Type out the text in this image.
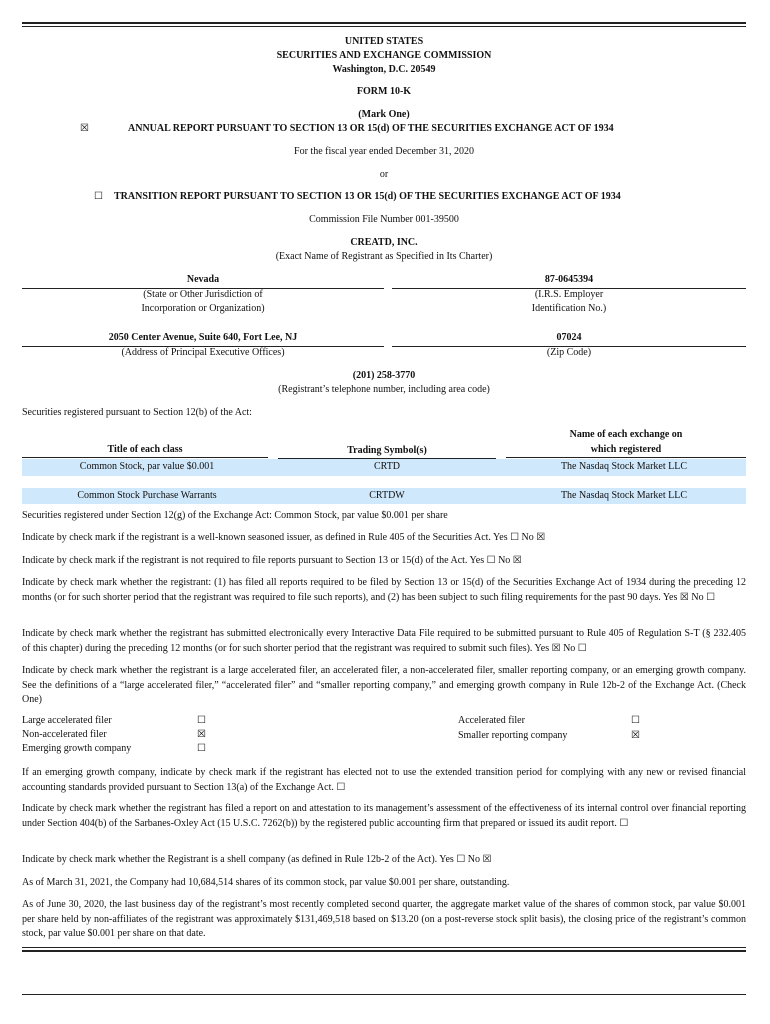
UNITED STATES
SECURITIES AND EXCHANGE COMMISSION
Washington, D.C. 20549
FORM 10-K
(Mark One)
☒	ANNUAL REPORT PURSUANT TO SECTION 13 OR 15(d) OF THE SECURITIES EXCHANGE ACT OF 1934
For the fiscal year ended December 31, 2020
or
☐ TRANSITION REPORT PURSUANT TO SECTION 13 OR 15(d) OF THE SECURITIES EXCHANGE ACT OF 1934
Commission File Number 001-39500
CREATD, INC.
(Exact Name of Registrant as Specified in Its Charter)
Nevada	87-0645394
(State or Other Jurisdiction of
Incorporation or Organization)
(I.R.S. Employer
Identification No.)
2050 Center Avenue, Suite 640, Fort Lee, NJ	07024
(Address of Principal Executive Offices)	(Zip Code)
(201) 258-3770
(Registrant’s telephone number, including area code)
Securities registered pursuant to Section 12(b) of the Act:
Title of each class	Trading Symbol(s)	Name of each exchange on
which registered

Common Stock, par value $0.001	CRTD	The Nasdaq Stock Market LLC

Common Stock Purchase Warrants	CRTDW	The Nasdaq Stock Market LLC
Securities registered under Section 12(g) of the Exchange Act: Common Stock, par value $0.001 per share
Indicate by check mark if the registrant is a well-known seasoned issuer, as defined in Rule 405 of the Securities Act. Yes ☐ No ☒
Indicate by check mark if the registrant is not required to file reports pursuant to Section 13 or 15(d) of the Act. Yes ☐ No ☒
Indicate by check mark whether the registrant: (1) has filed all reports required to be filed by Section 13 or 15(d) of the Securities Exchange Act of 1934 during the preceding 12 months (or for such shorter period that the registrant was required to file such reports), and (2) has been subject to such filing requirements for the past 90 days. Yes ☒ No ☐
Indicate by check mark whether the registrant has submitted electronically every Interactive Data File required to be submitted pursuant to Rule 405 of Regulation S-T (§ 232.405 of this chapter) during the preceding 12 months (or for such shorter period that the registrant was required to submit such files). Yes ☒ No ☐
Indicate by check mark whether the registrant is a large accelerated filer, an accelerated filer, a non-accelerated filer, smaller reporting company, or an emerging growth company. See the definitions of a “large accelerated filer,” “accelerated filer” and “smaller reporting company,” and emerging growth company in Rule 12b-2 of the Exchange Act. (Check One)
Large accelerated filer	☐
Non-accelerated filer	☒
Emerging growth company	☐
Accelerated filer	☐
Smaller reporting company	☒
If an emerging growth company, indicate by check mark if the registrant has elected not to use the extended transition period for complying with any new or revised financial accounting standards provided pursuant to Section 13(a) of the Exchange Act. ☐
Indicate by check mark whether the registrant has filed a report on and attestation to its management’s assessment of the effectiveness of its internal control over financial reporting under Section 404(b) of the Sarbanes-Oxley Act (15 U.S.C. 7262(b)) by the registered public accounting firm that prepared or issued its audit report. ☐
Indicate by check mark whether the Registrant is a shell company (as defined in Rule 12b-2 of the Act). Yes ☐ No ☒
As of March 31, 2021, the Company had 10,684,514 shares of its common stock, par value $0.001 per share, outstanding.
As of June 30, 2020, the last business day of the registrant’s most recently completed second quarter, the aggregate market value of the shares of common stock, par value $0.001 per share held by non-affiliates of the registrant was approximately $131,469,518 based on $13.20 (on a post-reverse stock split basis), the closing price of the registrant’s common stock, par value $0.001 per share on that date.
